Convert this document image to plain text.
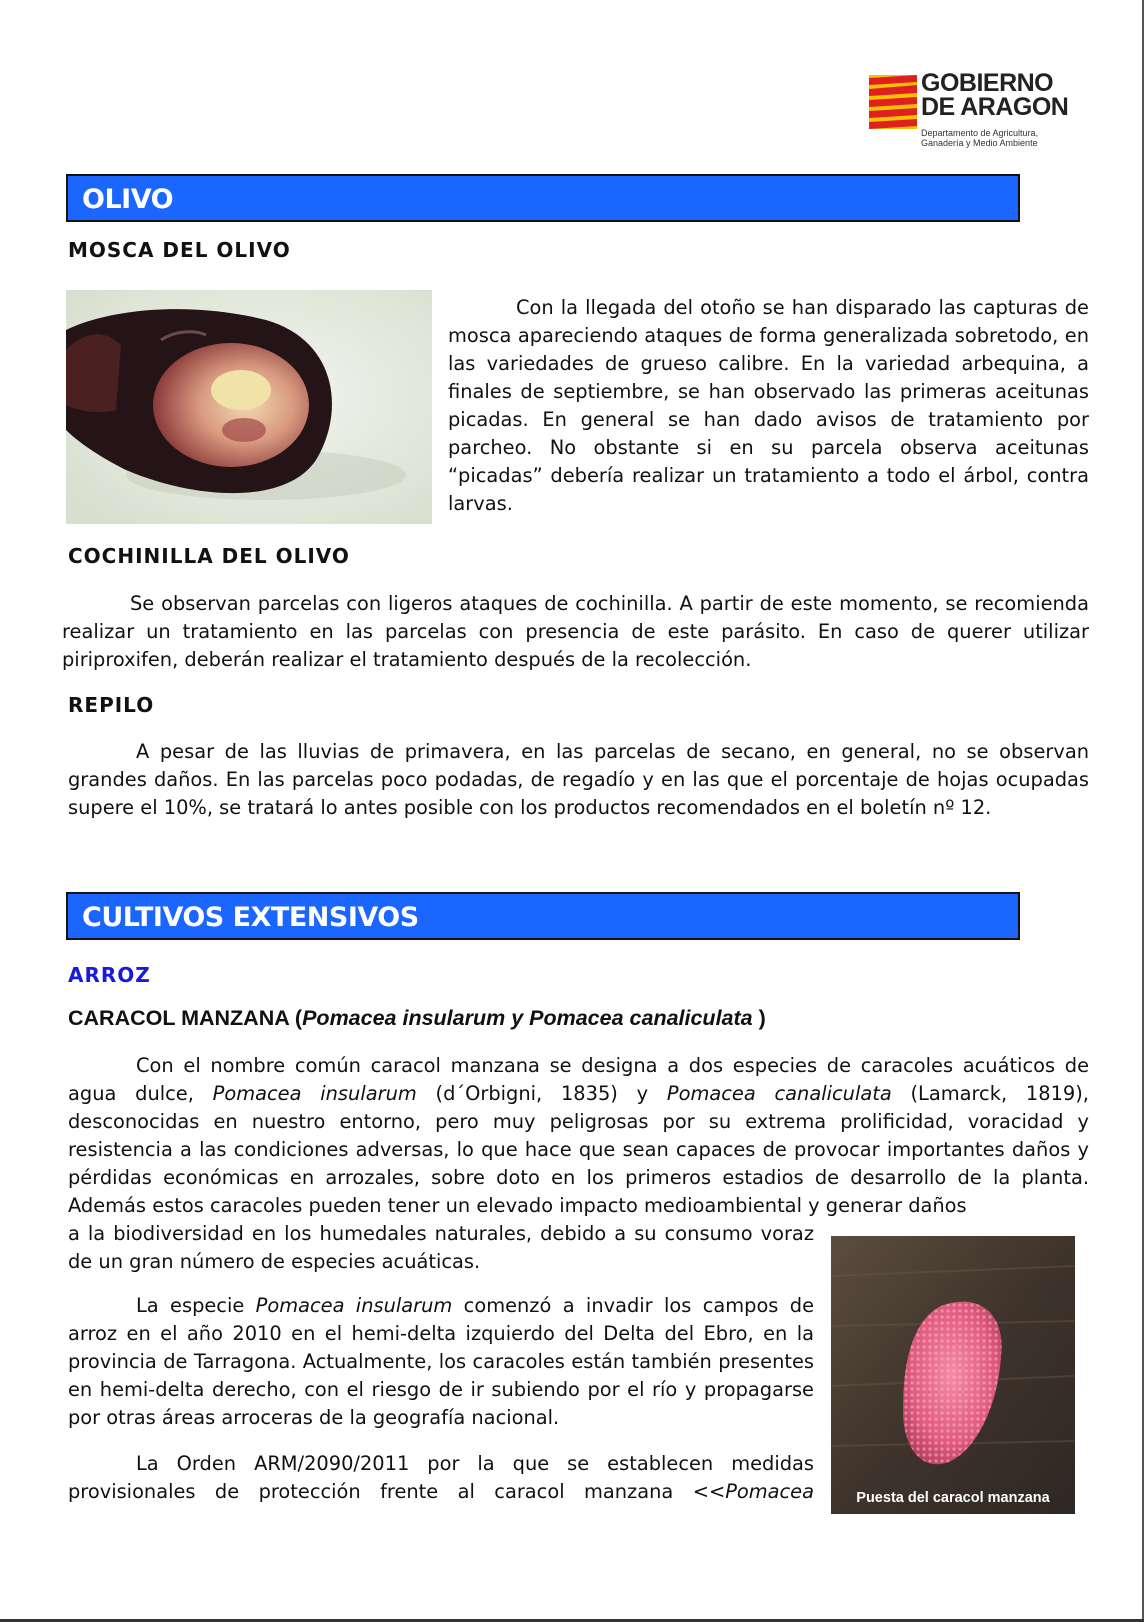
GOBIERNO
DE ARAGON
Departamento de Agricultura,
Ganadería y Medio Ambiente
OLIVO
MOSCA DEL OLIVO

Con la llegada del otoño se han disparado las capturas de mosca apareciendo ataques de forma generalizada sobretodo, en las variedades de grueso calibre. En la variedad arbequina, a finales de septiembre, se han observado las primeras aceitunas picadas. En general se han dado avisos de tratamiento por parcheo. No obstante si en su parcela observa aceitunas “picadas” debería realizar un tratamiento a todo el árbol, contra larvas.

COCHINILLA DEL OLIVO

Se observan parcelas con ligeros ataques de cochinilla. A partir de este momento, se recomienda realizar un tratamiento en las parcelas con presencia de este parásito. En caso de querer utilizar piriproxifen, deberán realizar el tratamiento después de la recolección.

REPILO

A pesar de las lluvias de primavera, en las parcelas de secano, en general, no se observan grandes daños. En las parcelas poco podadas, de regadío y en las que el porcentaje de hojas ocupadas supere el 10%, se tratará lo antes posible con los productos recomendados en el boletín nº 12.

CULTIVOS EXTENSIVOS
ARROZ
CARACOL MANZANA (Pomacea insularum y Pomacea canaliculata )

Con el nombre común caracol manzana se designa a dos especies de caracoles acuáticos de agua dulce, Pomacea insularum (d´Orbigni, 1835) y Pomacea canaliculata (Lamarck, 1819), desconocidas en nuestro entorno, pero muy peligrosas por su extrema prolificidad, voracidad y resistencia a las condiciones adversas, lo que hace que sean capaces de provocar importantes daños y pérdidas económicas en arrozales, sobre doto en los primeros estadios de desarrollo de la planta. Además estos caracoles pueden tener un elevado impacto medioambiental y generar daños

a la biodiversidad en los humedales naturales, debido a su consumo voraz de un gran número de especies acuáticas.

La especie Pomacea insularum comenzó a invadir los campos de arroz en el año 2010 en el hemi-delta izquierdo del Delta del Ebro, en la provincia de Tarragona. Actualmente, los caracoles están también presentes en hemi-delta derecho, con el riesgo de ir subiendo por el río y propagarse por otras áreas arroceras de la geografía nacional.

La Orden ARM/2090/2011 por la que se establecen medidas provisionales de protección frente al caracol manzana <<Pomacea	Puesta del caracol manzana
